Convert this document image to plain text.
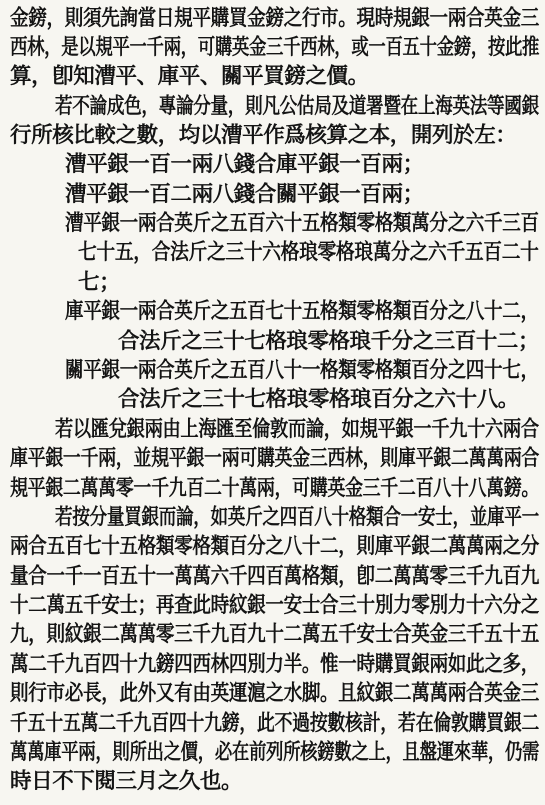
金鎊，則須先詢當日規平購買金鎊之行市。現時規銀一兩合英金三
西林，是以規平一千兩，可購英金三千西林，或一百五十金鎊，按此推
算，卽知漕平、庫平、關平買鎊之價。
若不論成色，專論分量，則凡公估局及道署暨在上海英法等國銀
行所核比較之數，均以漕平作爲核算之本，開列於左：
漕平銀一百一兩八錢合庫平銀一百兩；
漕平銀一百二兩八錢合關平銀一百兩；
漕平銀一兩合英斤之五百六十五格類零格類萬分之六千三百
七十五，合法斤之三十六格琅零格琅萬分之六千五百二十
七；
庫平銀一兩合英斤之五百七十五格類零格類百分之八十二，
合法斤之三十七格琅零格琅千分之三百十二；
關平銀一兩合英斤之五百八十一格類零格類百分之四十七，
合法斤之三十七格琅零格琅百分之六十八。
若以匯兌銀兩由上海匯至倫敦而論，如規平銀一千九十六兩合
庫平銀一千兩，並規平銀一兩可購英金三西林，則庫平銀二萬萬兩合
規平銀二萬萬零一千九百二十萬兩，可購英金三千二百八十八萬鎊。
若按分量買銀而論，如英斤之四百八十格類合一安士，並庫平一
兩合五百七十五格類零格類百分之八十二，則庫平銀二萬萬兩之分
量合一千一百五十一萬萬六千四百萬格類，卽二萬萬零三千九百九
十二萬五千安士；再查此時紋銀一安士合三十別力零別力十六分之
九，則紋銀二萬萬零三千九百九十二萬五千安士合英金三千五十五
萬二千九百四十九鎊四西林四別力半。惟一時購買銀兩如此之多，
則行市必長，此外又有由英運滬之水脚。且紋銀二萬萬兩合英金三
千五十五萬二千九百四十九鎊，此不過按數核計，若在倫敦購買銀二
萬萬庫平兩，則所出之價，必在前列所核鎊數之上，且盤運來華，仍需
時日不下閱三月之久也。
